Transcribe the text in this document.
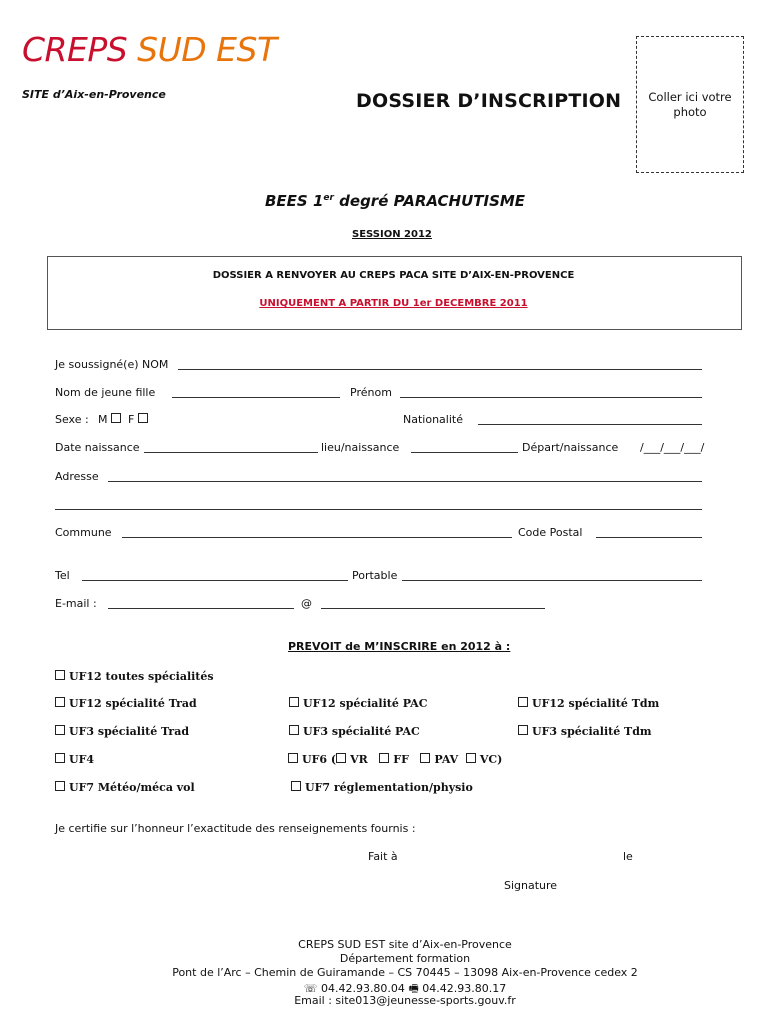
CREPS SUD EST
SITE d’Aix-en-Provence	DOSSIER D’INSCRIPTION	Coller ici votre photo
BEES 1er degré PARACHUTISME
SESSION 2012
DOSSIER A RENVOYER AU CREPS PACA SITE D’AIX-EN-PROVENCE
UNIQUEMENT A PARTIR DU 1er DECEMBRE 2011
Je soussigné(e) NOM
Nom de jeune fille	Prénom
Sexe : M	F	Nationalité
Date naissance	lieu/naissance	Départ/naissance /___/___/___/
Adresse
Commune	Code Postal
Tel	Portable
E-mail :	@
PREVOIT de M’INSCRIRE en 2012 à :
UF12 toutes spécialités
UF12 spécialité Trad	UF12 spécialité PAC	UF12 spécialité Tdm
UF3 spécialité Trad	UF3 spécialité PAC	UF3 spécialité Tdm
UF4	UF6 ( VR FF PAV VC)
UF7 Météo/méca vol	UF7 réglementation/physio
Je certifie sur l’honneur l’exactitude des renseignements fournis :
Fait à	le
Signature
CREPS SUD EST site d’Aix-en-Provence
Département formation
Pont de l’Arc – Chemin de Guiramande – CS 70445 – 13098 Aix-en-Provence cedex 2
☏ 04.42.93.80.04 🖷 04.42.93.80.17
Email : site013@jeunesse-sports.gouv.fr
